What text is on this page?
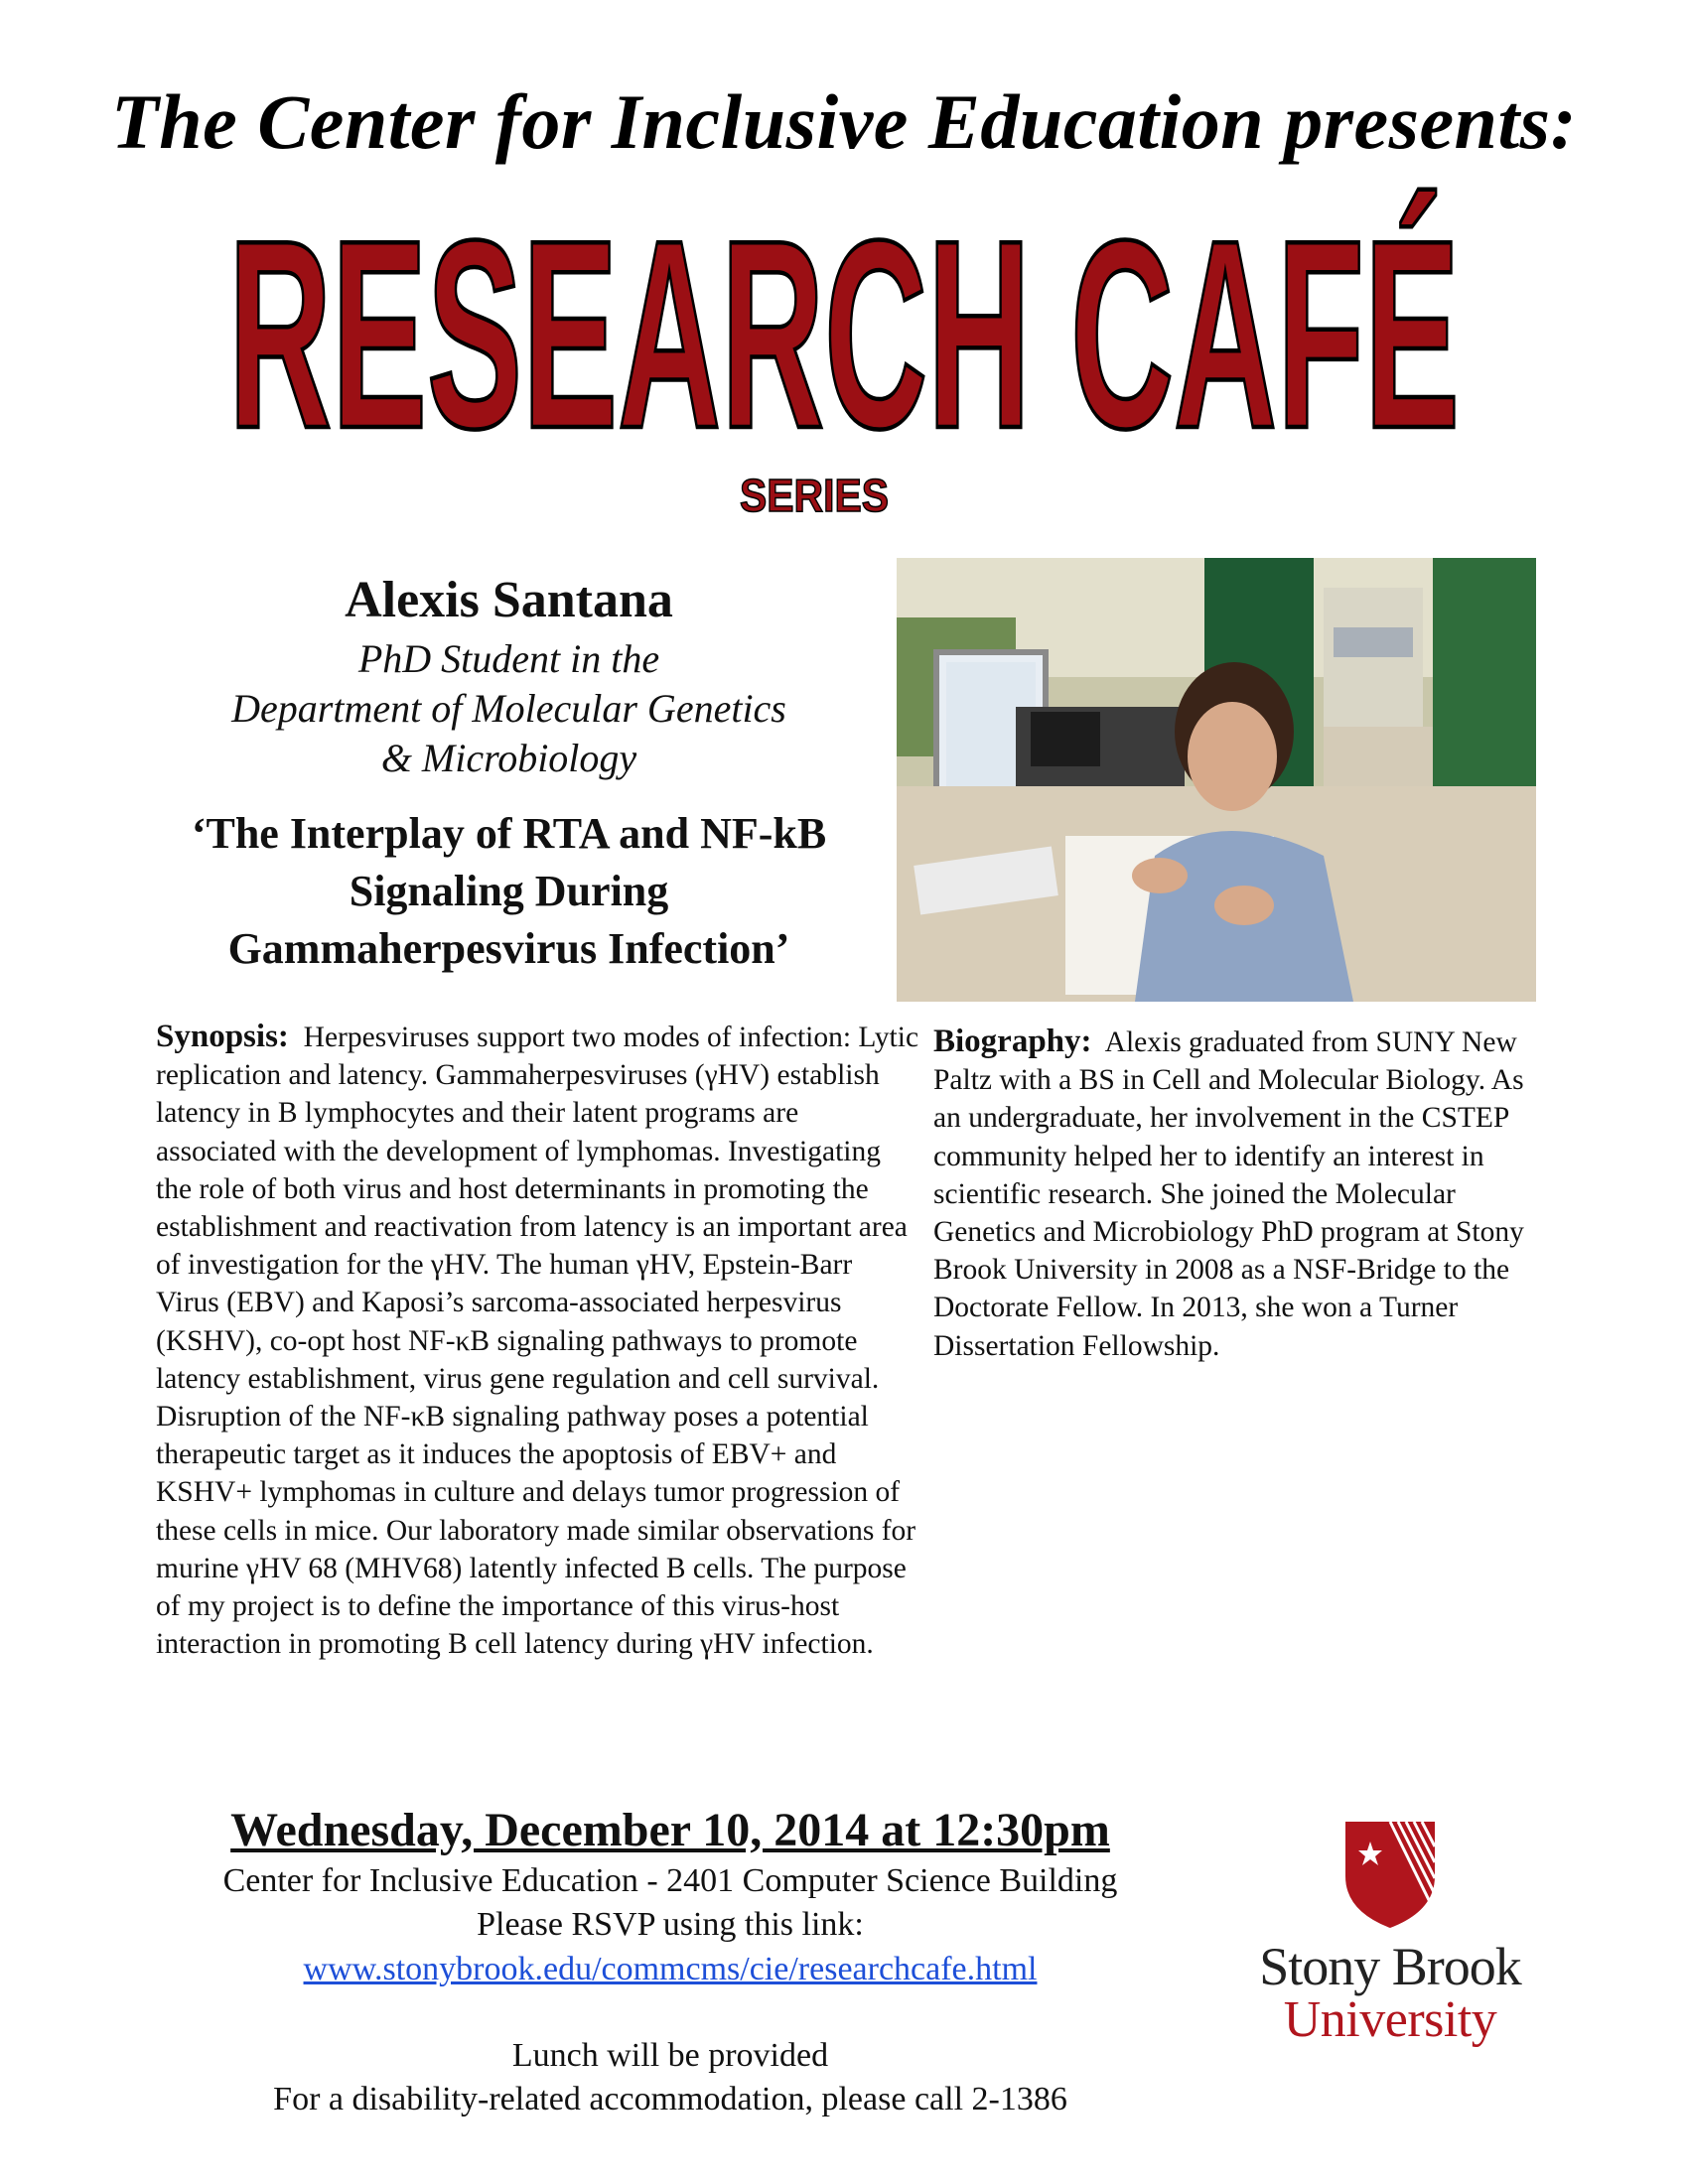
The Center for Inclusive Education presents:
RESEARCH CAFÉ
SERIES
Alexis Santana
PhD Student in the
Department of Molecular Genetics
& Microbiology
‘The Interplay of RTA and NF-kB
Signaling During
Gammaherpesvirus Infection’
Synopsis: Herpesviruses support two modes of infection: Lytic replication and latency. Gammaherpesviruses (γHV) establish latency in B lymphocytes and their latent programs are associated with the development of lymphomas. Investigating the role of both virus and host determinants in promoting the establishment and reactivation from latency is an important area of investigation for the γHV. The human γHV, Epstein-Barr Virus (EBV) and Kaposi’s sarcoma-associated herpesvirus (KSHV), co-opt host NF-κB signaling pathways to promote latency establishment, virus gene regulation and cell survival. Disruption of the NF-κB signaling pathway poses a potential therapeutic target as it induces the apoptosis of EBV+ and KSHV+ lymphomas in culture and delays tumor progression of these cells in mice. Our laboratory made similar observations for murine γHV 68 (MHV68) latently infected B cells. The purpose of my project is to define the importance of this virus-host interaction in promoting B cell latency during γHV infection.
Biography: Alexis graduated from SUNY New Paltz with a BS in Cell and Molecular Biology. As an undergraduate, her involvement in the CSTEP community helped her to identify an interest in scientific research. She joined the Molecular Genetics and Microbiology PhD program at Stony Brook University in 2008 as a NSF-Bridge to the Doctorate Fellow. In 2013, she won a Turner Dissertation Fellowship.
Wednesday, December 10, 2014 at 12:30pm
Center for Inclusive Education - 2401 Computer Science Building
Please RSVP using this link:
www.stonybrook.edu/commcms/cie/researchcafe.html
Lunch will be provided
For a disability-related accommodation, please call 2-1386
Stony Brook
University
